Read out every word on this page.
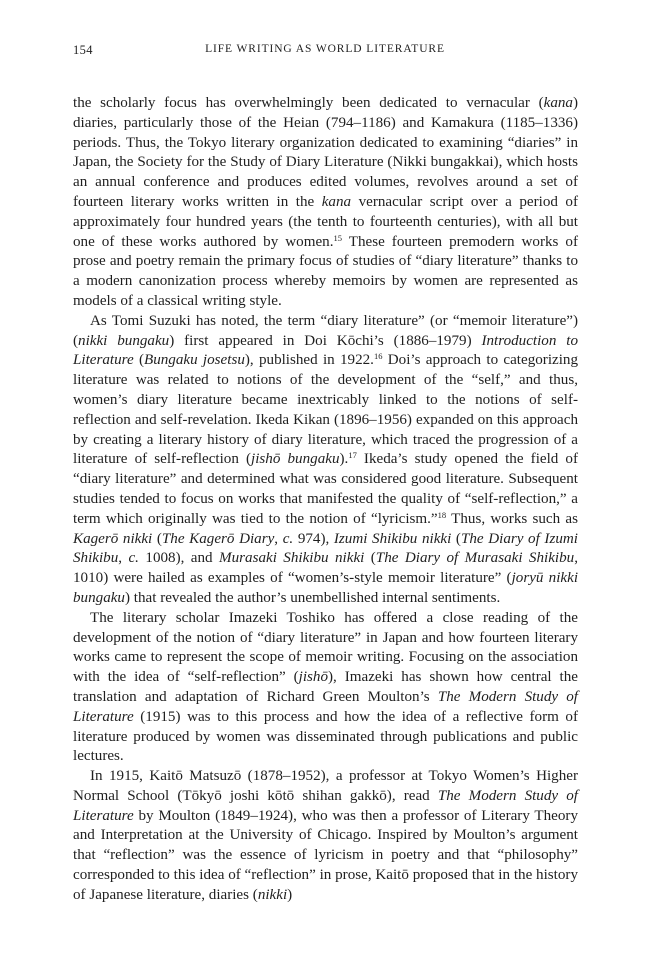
154	LIFE WRITING AS WORLD LITERATURE

the scholarly focus has overwhelmingly been dedicated to vernacular (kana) diaries, particularly those of the Heian (794–1186) and Kamakura (1185–1336) periods. Thus, the Tokyo literary organization dedicated to examining “diaries” in Japan, the Society for the Study of Diary Literature (Nikki bungakkai), which hosts an annual conference and produces edited volumes, revolves around a set of fourteen literary works written in the kana vernacular script over a period of approximately four hundred years (the tenth to fourteenth centuries), with all but one of these works authored by women.$^{15}$ These fourteen premodern works of prose and poetry remain the primary focus of studies of “diary literature” thanks to a modern canonization process whereby memoirs by women are represented as models of a classical writing style.

As Tomi Suzuki has noted, the term “diary literature” (or “memoir literature”) (nikki bungaku) first appeared in Doi Kōchi’s (1886–1979) Introduction to Literature (Bungaku josetsu), published in 1922.16 Doi’s approach to categorizing literature was related to notions of the development of the “self,” and thus, women’s diary literature became inextricably linked to the notions of self-reflection and self-revelation. Ikeda Kikan (1896–1956) expanded on this approach by creating a literary history of diary literature, which traced the progression of a literature of self-reflection (jishō bungaku).$^{17}$ Ikeda’s study opened the field of “diary literature” and determined what was considered good literature. Subsequent studies tended to focus on works that manifested the quality of “self-reflection,” a term which originally was tied to the notion of “lyricism.”$^{18}$ Thus, works such as Kagerō nikki (The Kagerō Diary, c. 974), Izumi Shikibu nikki (The Diary of Izumi Shikibu, c. 1008), and Murasaki Shikibu nikki (The Diary of Murasaki Shikibu, 1010) were hailed as examples of “women’s-style memoir literature” (joryū nikki bungaku) that revealed the author’s unembellished internal sentiments.

The literary scholar Imazeki Toshiko has offered a close reading of the development of the notion of “diary literature” in Japan and how fourteen literary works came to represent the scope of memoir writing. Focusing on the association with the idea of “self-reflection” (jishō), Imazeki has shown how central the translation and adaptation of Richard Green Moulton’s The Modern Study of Literature (1915) was to this process and how the idea of a reflective form of literature produced by women was disseminated through publications and public lectures.

In 1915, Kaitō Matsuzō (1878–1952), a professor at Tokyo Women’s Higher Normal School (Tōkyō joshi kōtō shihan gakkō), read The Modern Study of Literature by Moulton (1849–1924), who was then a professor of Literary Theory and Interpretation at the University of Chicago. Inspired by Moulton’s argument that “reflection” was the essence of lyricism in poetry and that “philosophy” corresponded to this idea of “reflection” in prose, Kaitō proposed that in the history of Japanese literature, diaries (nikki)
